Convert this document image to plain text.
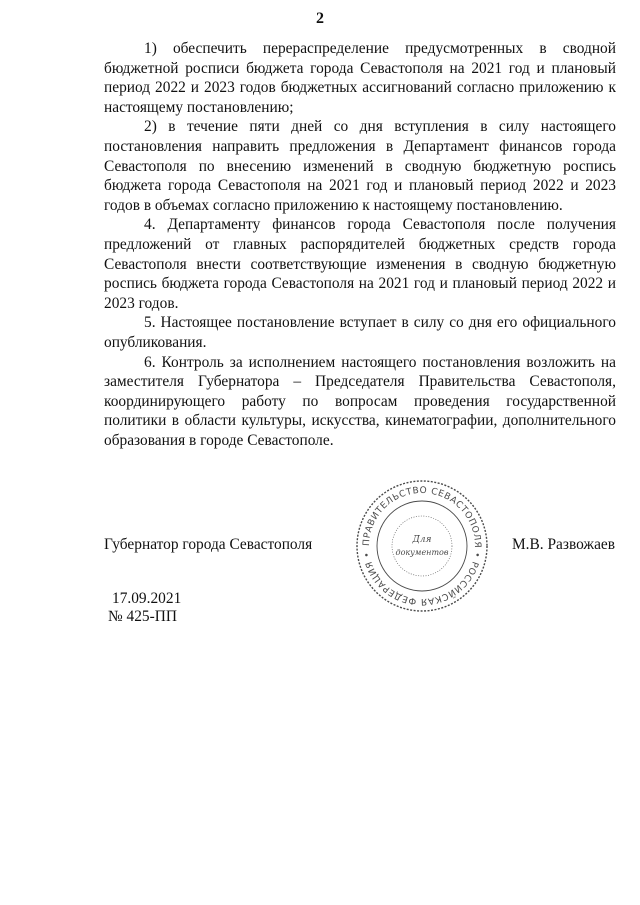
2

1) обеспечить перераспределение предусмотренных в сводной бюджетной росписи бюджета города Севастополя на 2021 год и плановый период 2022 и 2023 годов бюджетных ассигнований согласно приложению к настоящему постановлению;

2) в течение пяти дней со дня вступления в силу настоящего постановления направить предложения в Департамент финансов города Севастополя по внесению изменений в сводную бюджетную роспись бюджета города Севастополя на 2021 год и плановый период 2022 и 2023 годов в объемах согласно приложению к настоящему постановлению.

4. Департаменту финансов города Севастополя после получения предложений от главных распорядителей бюджетных средств города Севастополя внести соответствующие изменения в сводную бюджетную роспись бюджета города Севастополя на 2021 год и плановый период 2022 и 2023 годов.

5. Настоящее постановление вступает в силу со дня его официального опубликования.

6. Контроль за исполнением настоящего постановления возложить на заместителя Губернатора – Председателя Правительства Севастополя, координирующего работу по вопросам проведения государственной политики в области культуры, искусства, кинематографии, дополнительного образования в городе Севастополе.

Губернатор города Севастополя	ПРАВИТЕЛЬСТВО СЕВАСТОПОЛЯ • РОССИЙСКАЯ ФЕДЕРАЦИЯ •
Для
документов	М.В. Развожаев
17.09.2021
№ 425-ПП
